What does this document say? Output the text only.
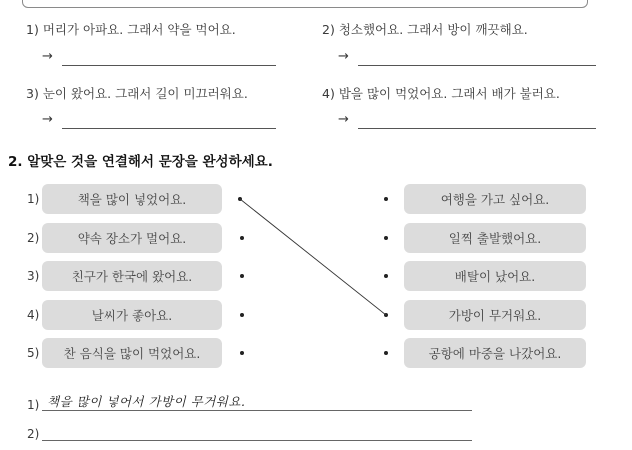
1) 머리가 아파요. 그래서 약을 먹어요.
→
2) 청소했어요. 그래서 방이 깨끗해요.
→
3) 눈이 왔어요. 그래서 길이 미끄러워요.
→
4) 밥을 많이 먹었어요. 그래서 배가 불러요.
→
2. 알맞은 것을 연결해서 문장을 완성하세요.
1)	책을 많이 넣었어요.
2)	약속 장소가 멀어요.
3)	친구가 한국에 왔어요.
4)	날씨가 좋아요.
5)	찬 음식을 많이 먹었어요.
여행을 가고 싶어요.
일찍 출발했어요.
배탈이 났어요.
가방이 무거워요.
공항에 마중을 나갔어요.
1) 책을 많이 넣어서 가방이 무거워요.
2)
